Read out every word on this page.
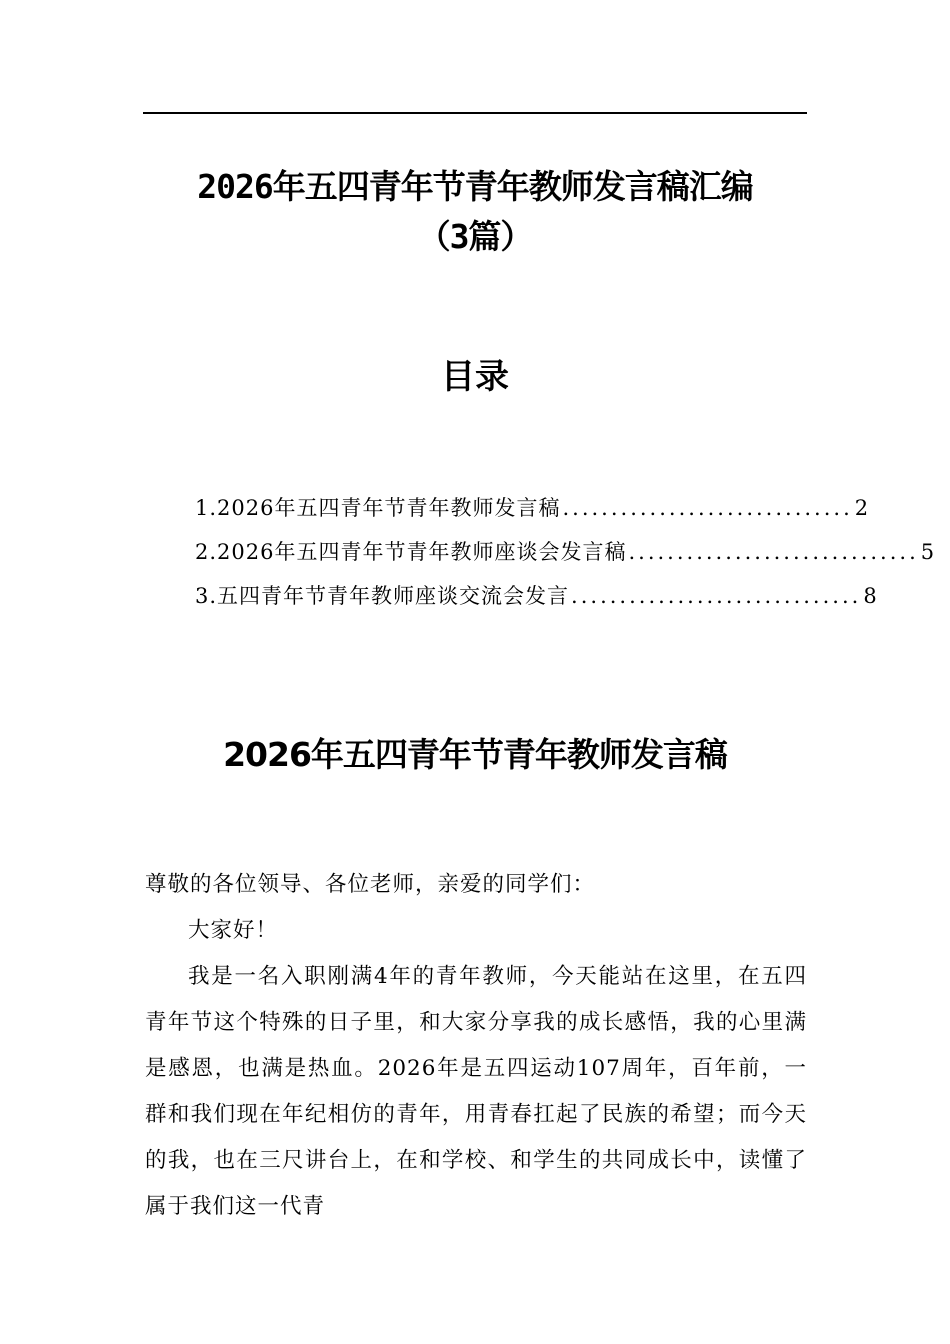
2026年五四青年节青年教师发言稿汇编
（3篇）
目录
1.2026年五四青年节青年教师发言稿 .............................. 2
2.2026年五四青年节青年教师座谈会发言稿 .............................. 5
3.五四青年节青年教师座谈交流会发言 .............................. 8
2026年五四青年节青年教师发言稿

尊敬的各位领导、各位老师，亲爱的同学们：

大家好！

我是一名入职刚满4年的青年教师，今天能站在这里，在五四青年节这个特殊的日子里，和大家分享我的成长感悟，我的心里满是感恩，也满是热血。2026年是五四运动107周年，百年前，一群和我们现在年纪相仿的青年，用青春扛起了民族的希望；而今天的我，也在三尺讲台上，在和学校、和学生的共同成长中，读懂了属于我们这一代青
